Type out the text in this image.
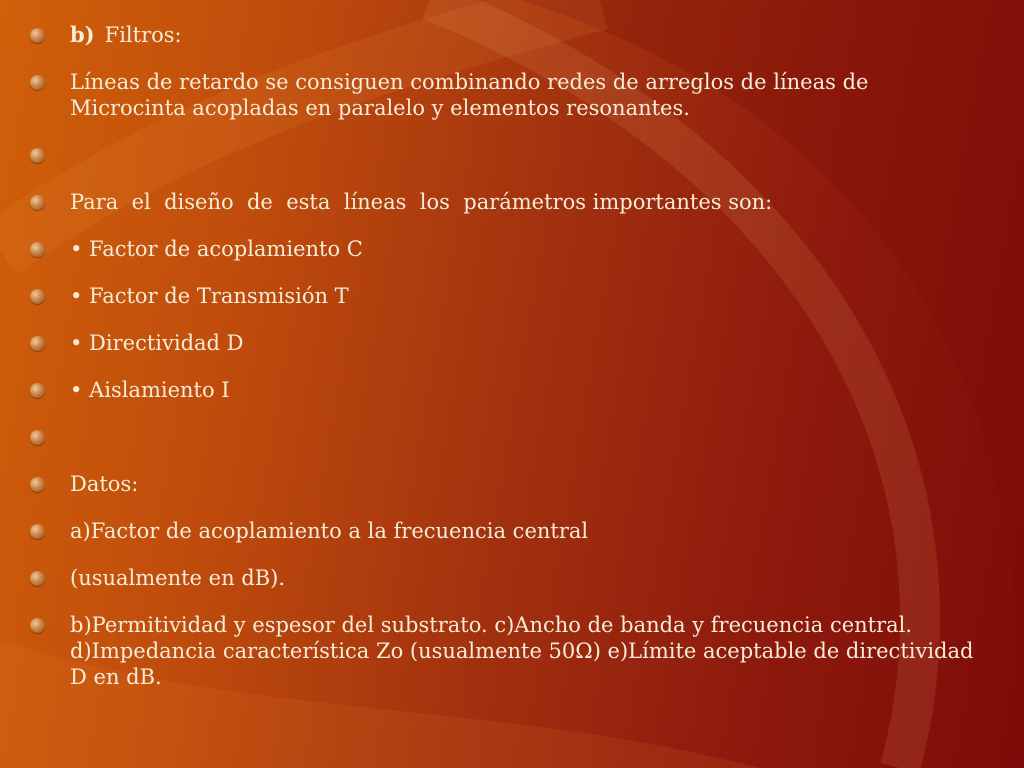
b) Filtros:
Líneas de retardo se consiguen combinando redes de arreglos de líneas de Microcinta acopladas en paralelo y elementos resonantes.
Para  el  diseño  de  esta  líneas  los  parámetros importantes son:
• Factor de acoplamiento C
• Factor de Transmisión T
• Directividad D
• Aislamiento I
Datos:
a)Factor de acoplamiento a la frecuencia central
(usualmente en dB).
b)Permitividad y espesor del substrato. c)Ancho de banda y frecuencia central. d)Impedancia característica Zo (usualmente 50Ω) e)Límite aceptable de directividad D en dB.
